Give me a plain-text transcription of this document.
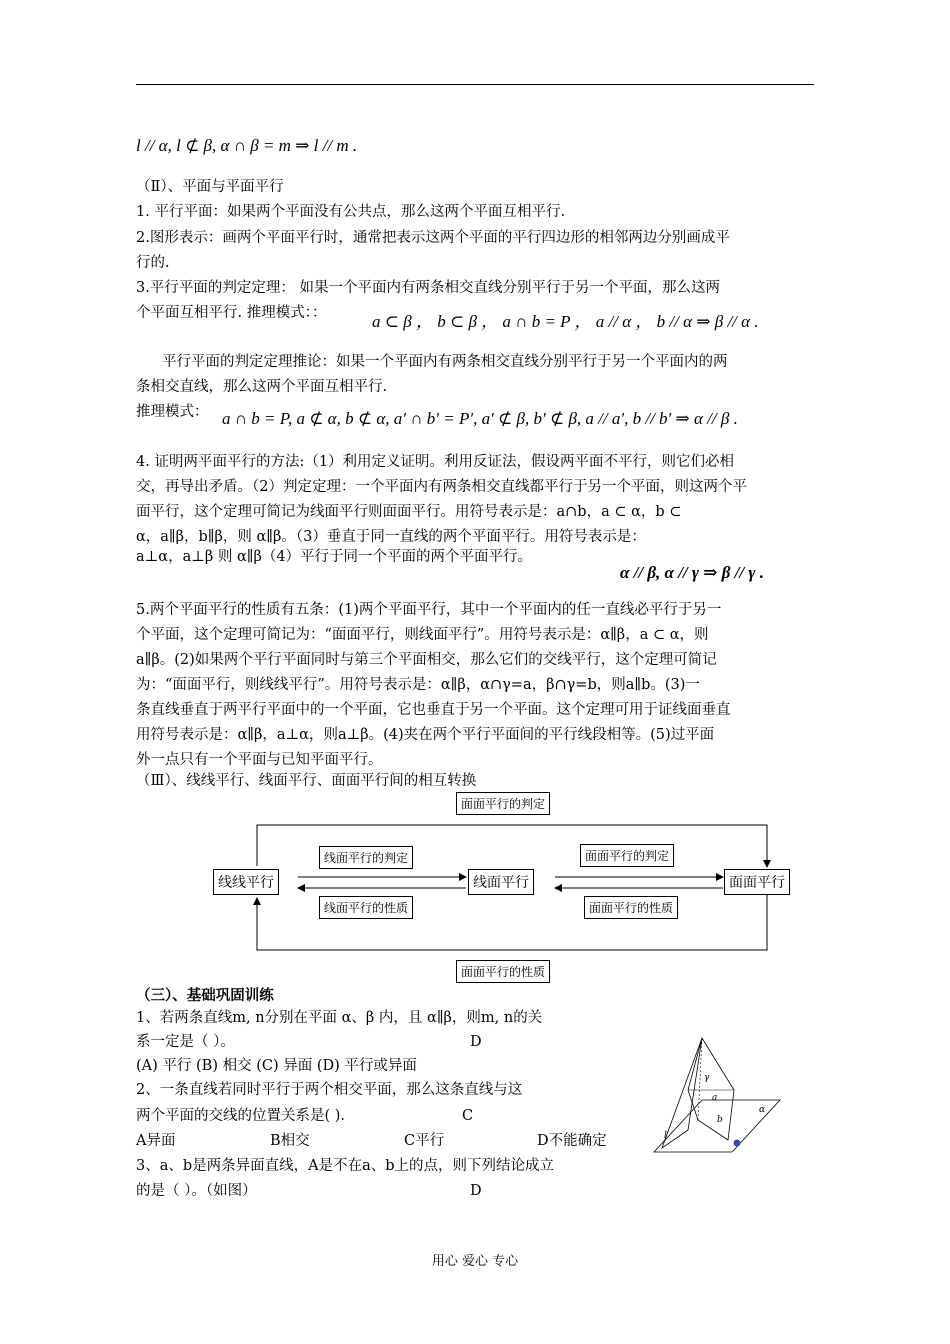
l // α, l ⊄ β, α ∩ β = m ⇒ l // m .
（Ⅱ）、平面与平面平行
1. 平行平面：如果两个平面没有公共点，那么这两个平面互相平行.
2.图形表示：画两个平面平行时，通常把表示这两个平面的平行四边形的相邻两边分别画成平
行的.
3.平行平面的判定定理： 如果一个平面内有两条相交直线分别平行于另一个平面，那么这两
个平面互相平行. 推理模式：：	a ⊂ β ， b ⊂ β ， a ∩ b = P ， a // α ， b // α ⇒ β // α .
平行平面的判定定理推论：如果一个平面内有两条相交直线分别平行于另一个平面内的两
条相交直线，那么这两个平面互相平行.
推理模式： a ∩ b = P, a ⊄ α, b ⊄ α, a′ ∩ b′ = P′, a′ ⊄ β, b′ ⊄ β, a // a′, b // b′ ⇒ α // β .
4. 证明两平面平行的方法:（1）利用定义证明。利用反证法，假设两平面不平行，则它们必相
交，再导出矛盾。（2）判定定理：一个平面内有两条相交直线都平行于另一个平面，则这两个平
面平行，这个定理可简记为线面平行则面面平行。用符号表示是：a∩b，a ⊂ α，b ⊂
α，a∥β，b∥β，则 α∥β。（3）垂直于同一直线的两个平面平行。用符号表示是：
a⊥α，a⊥β 则 α∥β（4）平行于同一个平面的两个平面平行。
α // β, α // γ ⇒ β // γ .
5.两个平面平行的性质有五条：(1)两个平面平行，其中一个平面内的任一直线必平行于另一
个平面，这个定理可简记为：“面面平行，则线面平行”。用符号表示是：α∥β，a ⊂ α，则
a∥β。(2)如果两个平行平面同时与第三个平面相交，那么它们的交线平行，这个定理可简记
为：“面面平行，则线线平行”。用符号表示是：α∥β，α∩γ=a，β∩γ=b，则a∥b。(3)一
条直线垂直于两平行平面中的一个平面，它也垂直于另一个平面。这个定理可用于证线面垂直
用符号表示是：α∥β，a⊥α，则a⊥β。(4)夹在两个平行平面间的平行线段相等。(5)过平面
外一点只有一个平面与已知平面平行。
（Ⅲ）、线线平行、线面平行、面面平行间的相互转换
面面平行的判定
面面平行的性质
线线平行	线面平行	面面平行
线面平行的判定
线面平行的性质
面面平行的判定
面面平行的性质
（三）、基础巩固训练
1、若两条直线m, n分别在平面 α、β 内，且 α∥β，则m, n的关
系一定是（ ）。	D
(A) 平行 (B) 相交 (C) 异面 (D) 平行或异面
2、一条直线若同时平行于两个相交平面，那么这条直线与这
两个平面的交线的位置关系是( ).	C
A异面	B相交	C平行	D不能确定
3、a、b是两条异面直线，A是不在a、b上的点，则下列结论成立
的是（ ）。（如图）	D
γ
a
b
α
l
用心 爱心 专心
